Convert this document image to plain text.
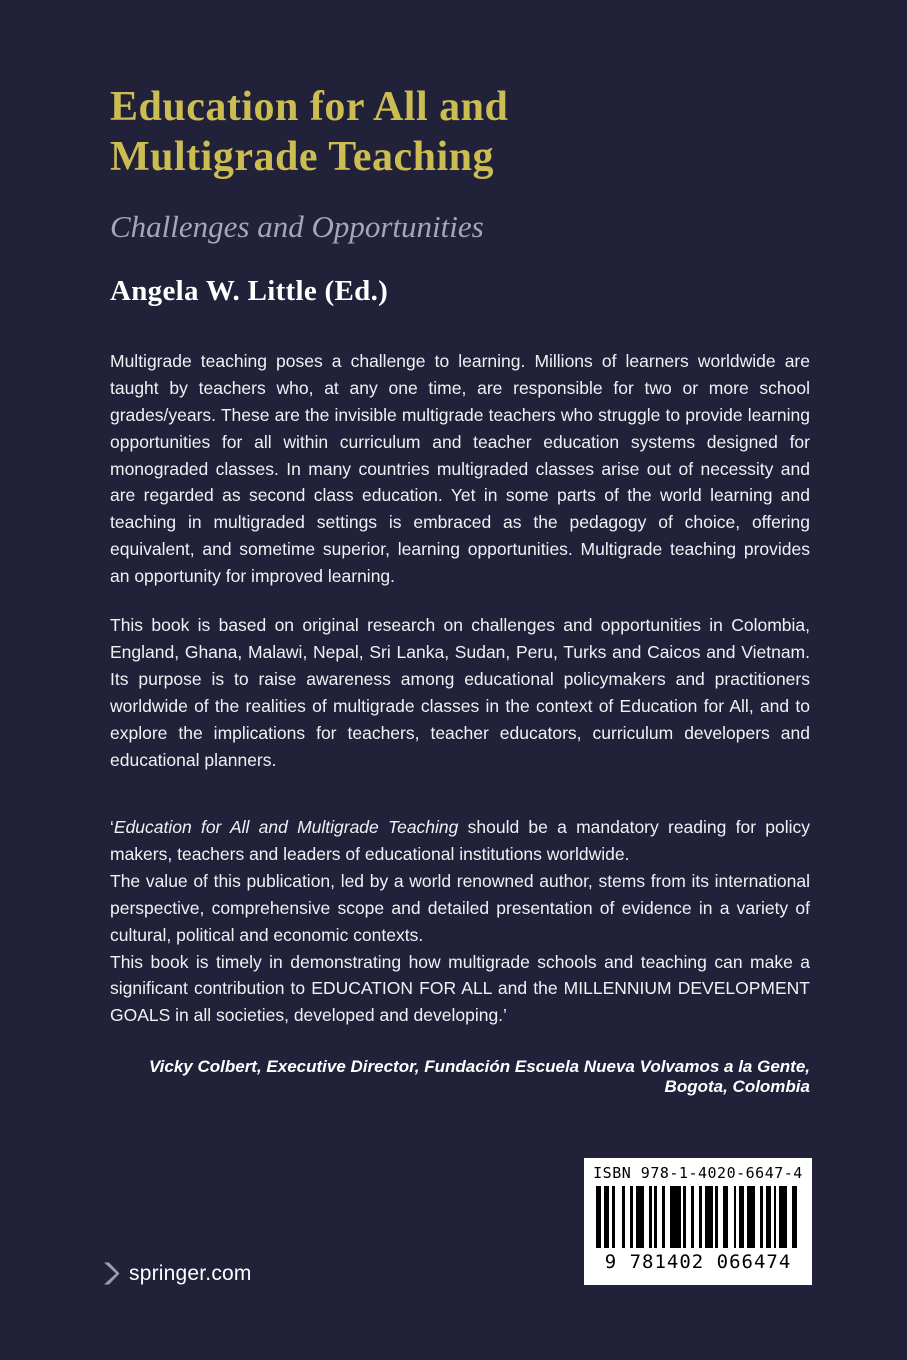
Education for All and
Multigrade Teaching
Challenges and Opportunities
Angela W. Little (Ed.)

Multigrade teaching poses a challenge to learning. Millions of learners worldwide are taught by teachers who, at any one time, are responsible for two or more school grades/years. These are the invisible multigrade teachers who struggle to provide learning opportunities for all within curriculum and teacher education systems designed for monograded classes. In many countries multigraded classes arise out of necessity and are regarded as second class education. Yet in some parts of the world learning and teaching in multigraded settings is embraced as the pedagogy of choice, offering equivalent, and sometime superior, learning opportunities. Multigrade teaching provides an opportunity for improved learning.

This book is based on original research on challenges and opportunities in Colombia, England, Ghana, Malawi, Nepal, Sri Lanka, Sudan, Peru, Turks and Caicos and Vietnam. Its purpose is to raise awareness among educational policymakers and practitioners worldwide of the realities of multigrade classes in the context of Education for All, and to explore the implications for teachers, teacher educators, curriculum developers and educational planners.

‘Education for All and Multigrade Teaching should be a mandatory reading for policy makers, teachers and leaders of educational institutions worldwide.

The value of this publication, led by a world renowned author, stems from its international perspective, comprehensive scope and detailed presentation of evidence in a variety of cultural, political and economic contexts.

This book is timely in demonstrating how multigrade schools and teaching can make a significant contribution to EDUCATION FOR ALL and the MILLENNIUM DEVELOPMENT GOALS in all societies, developed and developing.’

Vicky Colbert, Executive Director, Fundación Escuela Nueva Volvamos a la Gente, Bogota, Colombia

ISBN 978-1-4020-6647-4
9 781402 066474
springer.com
